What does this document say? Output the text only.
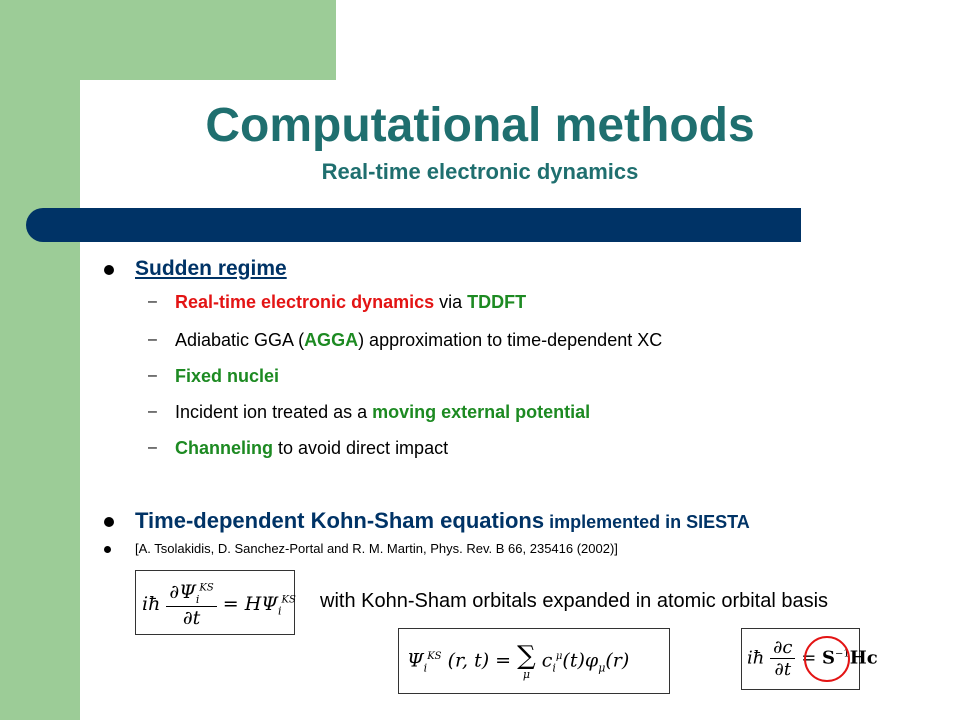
Computational methods
Real-time electronic dynamics
Sudden regime
– Real-time electronic dynamics via TDDFT
– Adiabatic GGA (AGGA) approximation to time-dependent XC
– Fixed nuclei
– Incident ion treated as a moving external potential
– Channeling to avoid direct impact
Time-dependent Kohn-Sham equations implemented in SIESTA
[A. Tsolakidis, D. Sanchez-Portal and R. M. Martin, Phys. Rev. B 66, 235416 (2002)]
iħ $\frac{\partial\Psi_i^{KS}}{\partial t} = H\Psi_i^{KS}$ with Kohn-Sham orbitals expanded in atomic orbital basis
$\Psi_i^{KS}$ (r, t) = ∑
μ
$c_i^\mu(t)\varphi_\mu(r)$	iħ $\frac{\partial c}{\partial t} = S^{-1}Hc$
